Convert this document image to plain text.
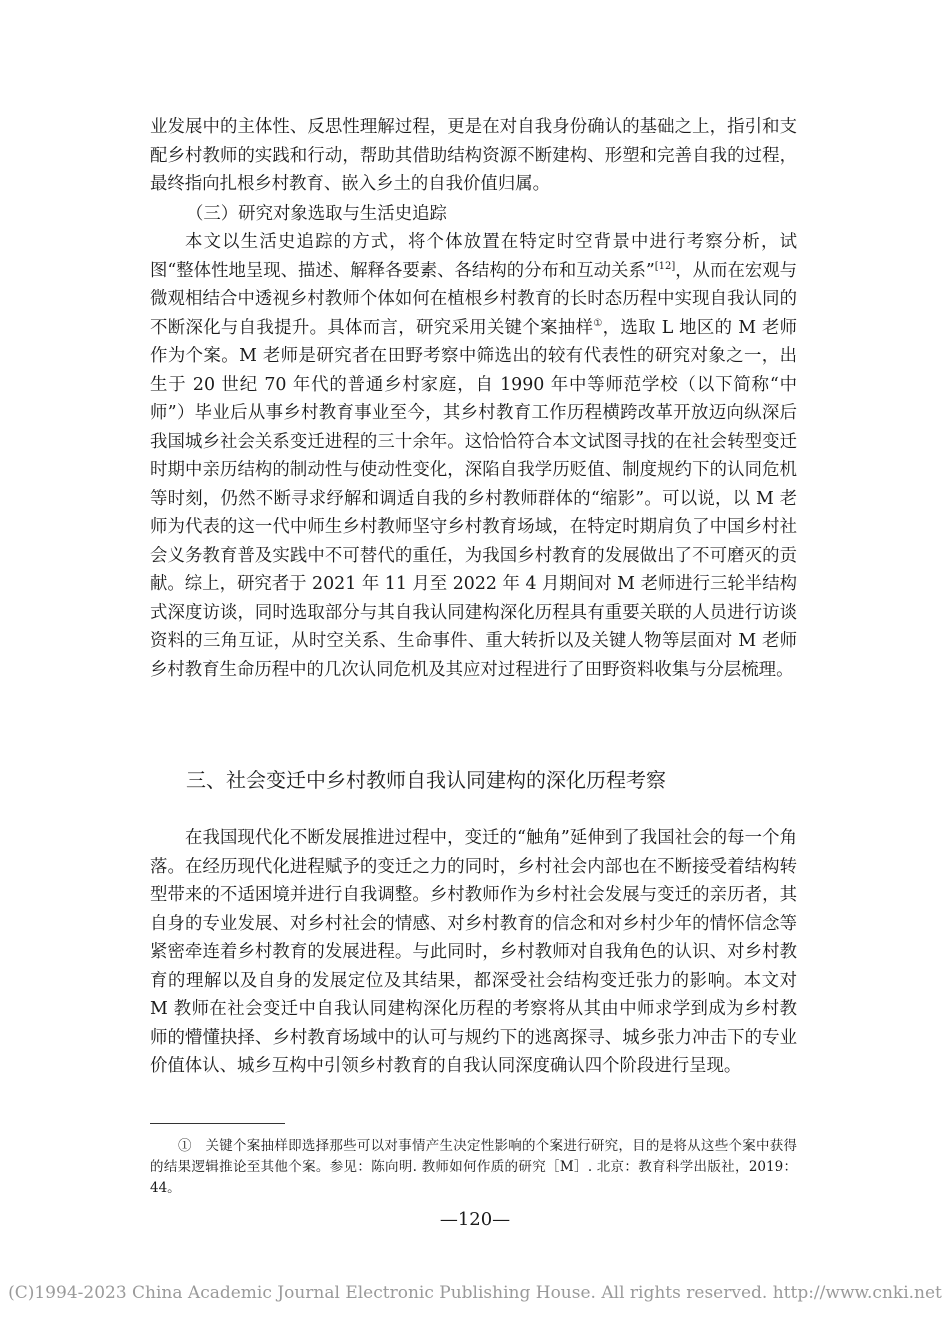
业发展中的主体性、反思性理解过程，更是在对自我身份确认的基础之上，指引和支配乡村教师的实践和行动，帮助其借助结构资源不断建构、形塑和完善自我的过程，最终指向扎根乡村教育、嵌入乡土的自我价值归属。

（三）研究对象选取与生活史追踪

本文以生活史追踪的方式，将个体放置在特定时空背景中进行考察分析，试图“整体性地呈现、描述、解释各要素、各结构的分布和互动关系”[12]，从而在宏观与微观相结合中透视乡村教师个体如何在植根乡村教育的长时态历程中实现自我认同的不断深化与自我提升。具体而言，研究采用关键个案抽样①，选取 L 地区的 M 老师作为个案。M 老师是研究者在田野考察中筛选出的较有代表性的研究对象之一，出生于 20 世纪 70 年代的普通乡村家庭，自 1990 年中等师范学校（以下简称“中师”）毕业后从事乡村教育事业至今，其乡村教育工作历程横跨改革开放迈向纵深后我国城乡社会关系变迁进程的三十余年。这恰恰符合本文试图寻找的在社会转型变迁时期中亲历结构的制动性与使动性变化，深陷自我学历贬值、制度规约下的认同危机等时刻，仍然不断寻求纾解和调适自我的乡村教师群体的“缩影”。可以说，以 M 老师为代表的这一代中师生乡村教师坚守乡村教育场域，在特定时期肩负了中国乡村社会义务教育普及实践中不可替代的重任，为我国乡村教育的发展做出了不可磨灭的贡献。综上，研究者于 2021 年 11 月至 2022 年 4 月期间对 M 老师进行三轮半结构式深度访谈，同时选取部分与其自我认同建构深化历程具有重要关联的人员进行访谈资料的三角互证，从时空关系、生命事件、重大转折以及关键人物等层面对 M 老师乡村教育生命历程中的几次认同危机及其应对过程进行了田野资料收集与分层梳理。

三、社会变迁中乡村教师自我认同建构的深化历程考察

在我国现代化不断发展推进过程中，变迁的“触角”延伸到了我国社会的每一个角落。在经历现代化进程赋予的变迁之力的同时，乡村社会内部也在不断接受着结构转型带来的不适困境并进行自我调整。乡村教师作为乡村社会发展与变迁的亲历者，其自身的专业发展、对乡村社会的情感、对乡村教育的信念和对乡村少年的情怀信念等紧密牵连着乡村教育的发展进程。与此同时，乡村教师对自我角色的认识、对乡村教育的理解以及自身的发展定位及其结果，都深受社会结构变迁张力的影响。本文对 M 教师在社会变迁中自我认同建构深化历程的考察将从其由中师求学到成为乡村教师的懵懂抉择、乡村教育场域中的认可与规约下的逃离探寻、城乡张力冲击下的专业价值体认、城乡互构中引领乡村教育的自我认同深度确认四个阶段进行呈现。

①　关键个案抽样即选择那些可以对事情产生决定性影响的个案进行研究，目的是将从这些个案中获得的结果逻辑推论至其他个案。参见：陈向明. 教师如何作质的研究［M］. 北京：教育科学出版社，2019：44。

—120—
(C)1994-2023 China Academic Journal Electronic Publishing House. All rights reserved. http://www.cnki.net
